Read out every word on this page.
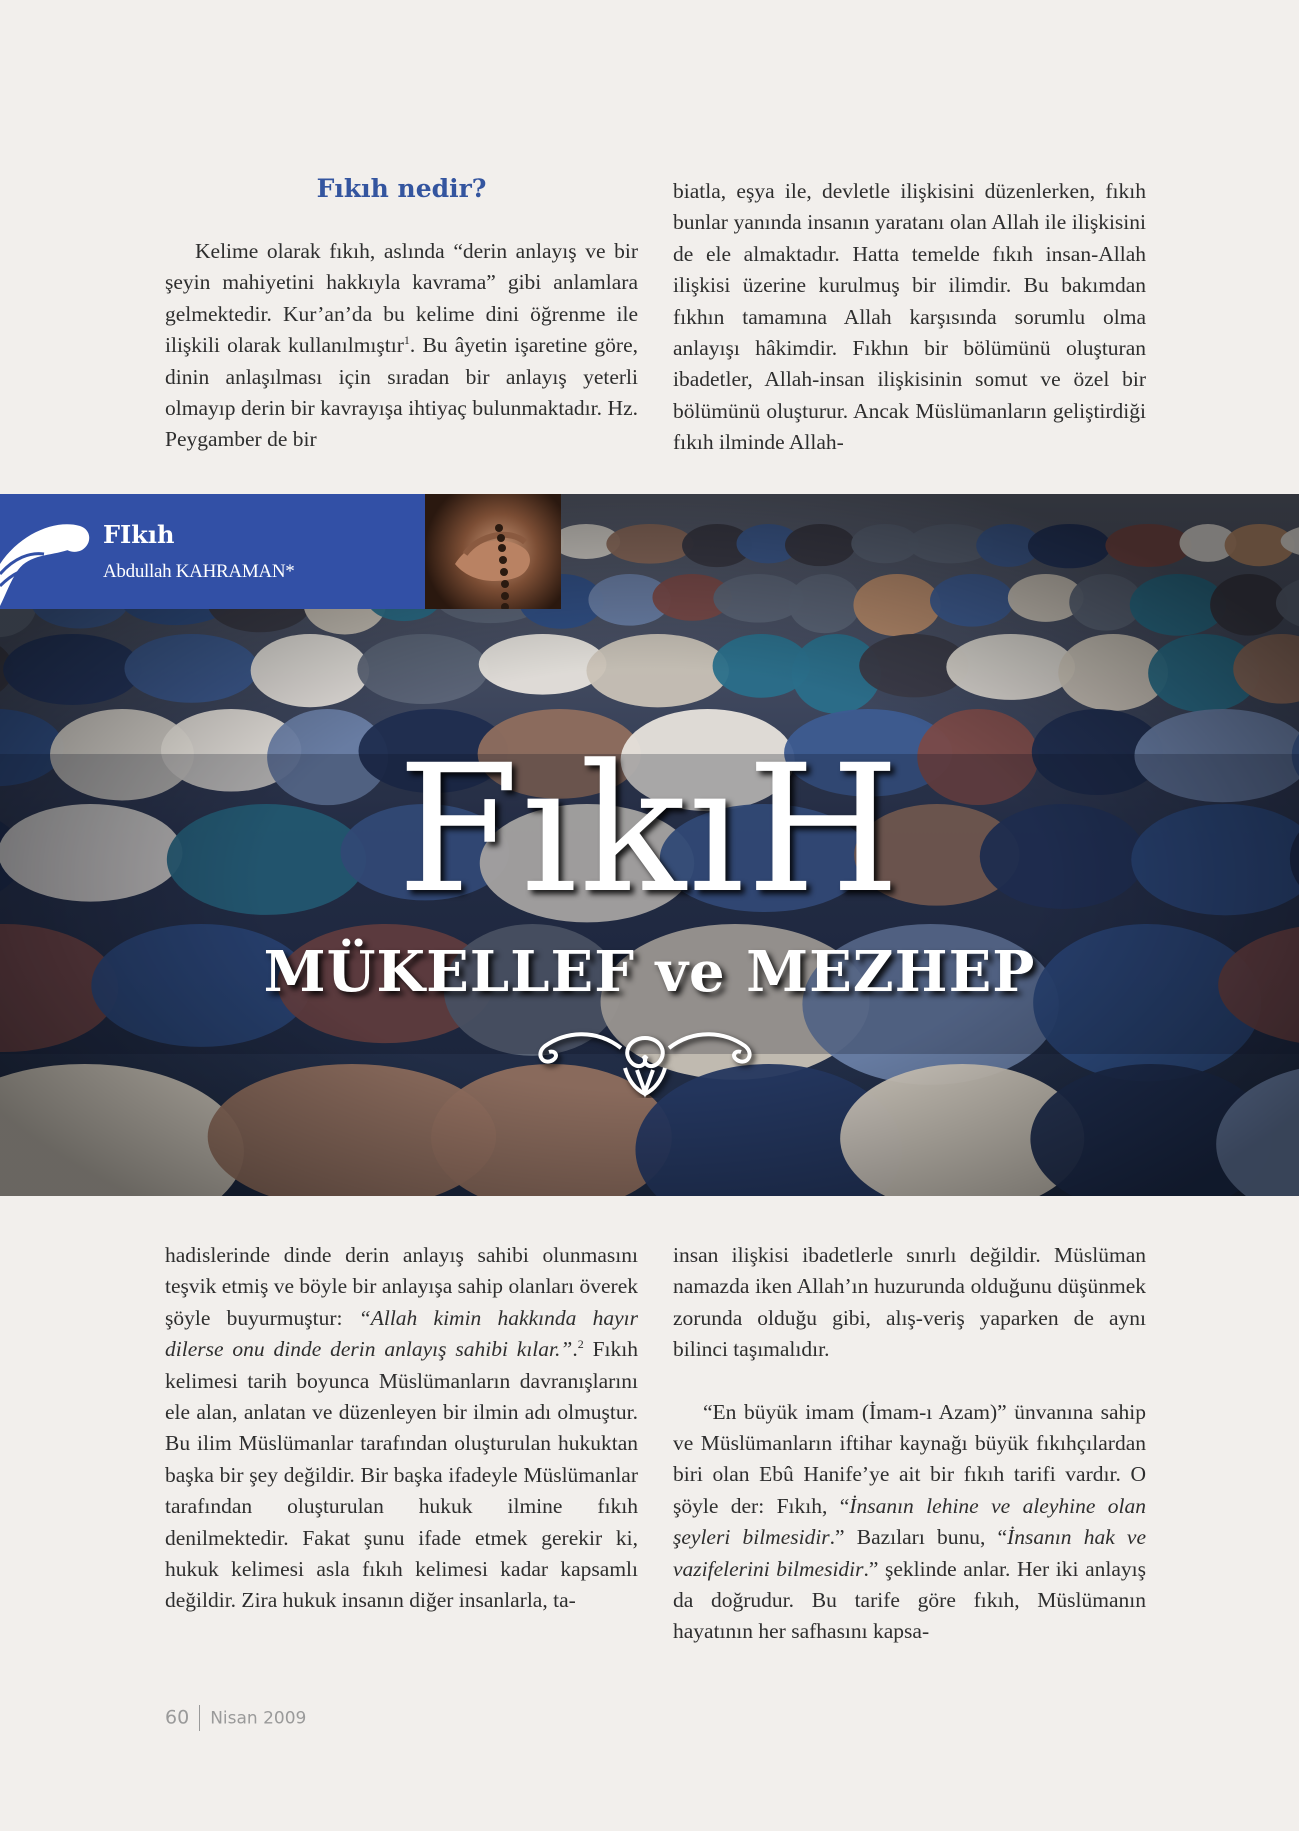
Fıkıh nedir?

Kelime olarak fıkıh, aslında “derin anlayış ve bir şeyin mahiyetini hakkıyla kavrama” gibi anlamlara gelmektedir. Kur’an’da bu kelime dini öğrenme ile ilişkili olarak kullanılmıştır$^1$. Bu âyetin işaretine göre, dinin anlaşılması için sıradan bir anlayış yeterli olmayıp derin bir kavrayışa ihtiyaç bulunmaktadır. Hz. Peygamber de bir

biatla, eşya ile, devletle ilişkisini düzenlerken, fıkıh bunlar yanında insanın yaratanı olan Allah ile ilişkisini de ele almaktadır. Hatta temelde fıkıh insan-Allah ilişkisi üzerine kurulmuş bir ilimdir. Bu bakımdan fıkhın tamamına Allah karşısında sorumlu olma anlayışı hâkimdir. Fıkhın bir bölümünü oluşturan ibadetler, Allah-insan ilişkisinin somut ve özel bir bölümünü oluşturur. Ancak Müslümanların geliştirdiği fıkıh ilminde Allah-

FIkıh
Abdullah KAHRAMAN*
FıkıH
MÜKELLEF ve MEZHEP

hadislerinde dinde derin anlayış sahibi olunmasını teşvik etmiş ve böyle bir anlayışa sahip olanları överek şöyle buyurmuştur: “Allah kimin hakkında hayır dilerse onu dinde derin anlayış sahibi kılar.”.$^2$ Fıkıh kelimesi tarih boyunca Müslümanların davranışlarını ele alan, anlatan ve düzenleyen bir ilmin adı olmuştur. Bu ilim Müslümanlar tarafından oluşturulan hukuktan başka bir şey değildir. Bir başka ifadeyle Müslümanlar tarafından oluşturulan hukuk ilmine fıkıh denilmektedir. Fakat şunu ifade etmek gerekir ki, hukuk kelimesi asla fıkıh kelimesi kadar kapsamlı değildir. Zira hukuk insanın diğer insanlarla, ta-

insan ilişkisi ibadetlerle sınırlı değildir. Müslüman namazda iken Allah’ın huzurunda olduğunu düşünmek zorunda olduğu gibi, alış-veriş yaparken de aynı bilinci taşımalıdır.

“En büyük imam (İmam-ı Azam)” ünvanına sahip ve Müslümanların iftihar kaynağı büyük fıkıhçılardan biri olan Ebû Hanife’ye ait bir fıkıh tarifi vardır. O şöyle der: Fıkıh, “İnsanın lehine ve aleyhine olan şeyleri bilmesidir.” Bazıları bunu, “İnsanın hak ve vazifelerini bilmesidir.” şeklinde anlar. Her iki anlayış da doğrudur. Bu tarife göre fıkıh, Müslümanın hayatının her safhasını kapsa-

60 Nisan 2009
